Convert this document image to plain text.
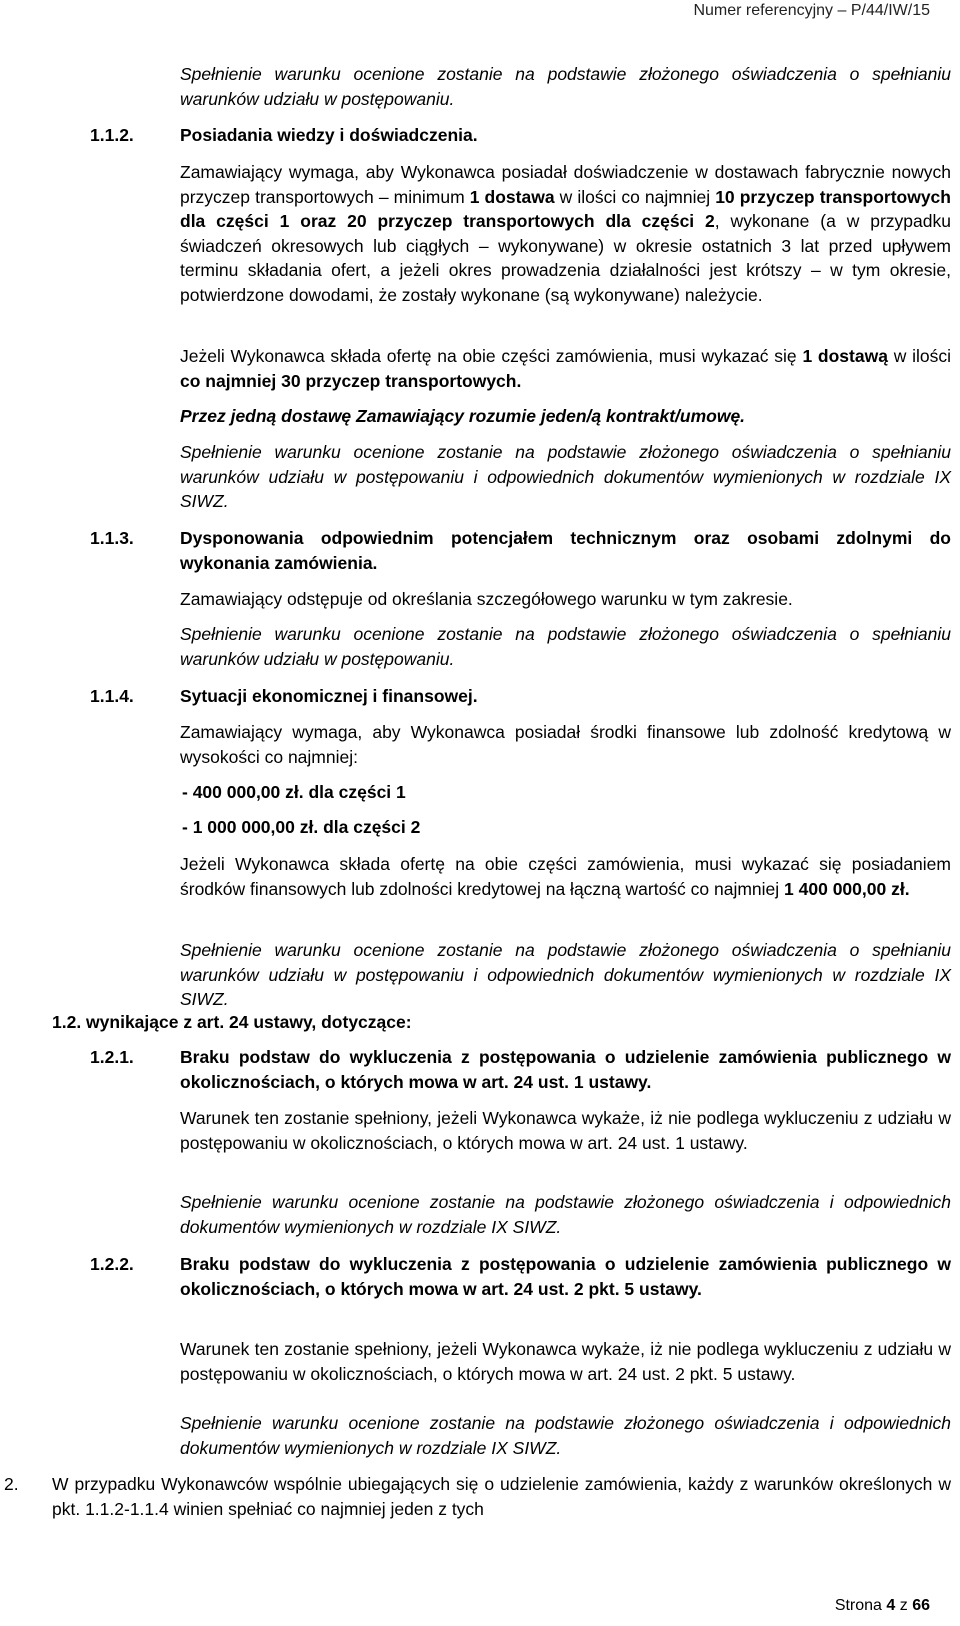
Numer referencyjny – P/44/IW/15
Spełnienie warunku ocenione zostanie na podstawie złożonego oświadczenia o spełnianiu warunków udziału w postępowaniu.
1.1.2.	Posiadania wiedzy i doświadczenia.
Zamawiający wymaga, aby Wykonawca posiadał doświadczenie w dostawach fabrycznie nowych przyczep transportowych – minimum 1 dostawa w ilości co najmniej 10 przyczep transportowych dla części 1 oraz 20 przyczep transportowych dla części 2, wykonane (a w przypadku świadczeń okresowych lub ciągłych – wykonywane) w okresie ostatnich 3 lat przed upływem terminu składania ofert, a jeżeli okres prowadzenia działalności jest krótszy – w tym okresie, potwierdzone dowodami, że zostały wykonane (są wykonywane) należycie.
Jeżeli Wykonawca składa ofertę na obie części zamówienia, musi wykazać się 1 dostawą w ilości co najmniej 30 przyczep transportowych.
Przez jedną dostawę Zamawiający rozumie jeden/ą kontrakt/umowę.
Spełnienie warunku ocenione zostanie na podstawie złożonego oświadczenia o spełnianiu warunków udziału w postępowaniu i odpowiednich dokumentów wymienionych w rozdziale IX SIWZ.
1.1.3.	Dysponowania odpowiednim potencjałem technicznym oraz osobami zdolnymi do wykonania zamówienia.
Zamawiający odstępuje od określania szczegółowego warunku w tym zakresie.
Spełnienie warunku ocenione zostanie na podstawie złożonego oświadczenia o spełnianiu warunków udziału w postępowaniu.
1.1.4.	Sytuacji ekonomicznej i finansowej.
Zamawiający wymaga, aby Wykonawca posiadał środki finansowe lub zdolność kredytową w wysokości co najmniej:
- 400 000,00 zł. dla części 1
- 1 000 000,00 zł. dla części 2
Jeżeli Wykonawca składa ofertę na obie części zamówienia, musi wykazać się posiadaniem środków finansowych lub zdolności kredytowej na łączną wartość co najmniej 1 400 000,00 zł.
Spełnienie warunku ocenione zostanie na podstawie złożonego oświadczenia o spełnianiu warunków udziału w postępowaniu i odpowiednich dokumentów wymienionych w rozdziale IX SIWZ.
1.2. wynikające z art. 24 ustawy, dotyczące:
1.2.1.	Braku podstaw do wykluczenia z postępowania o udzielenie zamówienia publicznego w okolicznościach, o których mowa w art. 24 ust. 1 ustawy.
Warunek ten zostanie spełniony, jeżeli Wykonawca wykaże, iż nie podlega wykluczeniu z udziału w postępowaniu w okolicznościach, o których mowa w art. 24 ust. 1 ustawy.
Spełnienie warunku ocenione zostanie na podstawie złożonego oświadczenia i odpowiednich dokumentów wymienionych w rozdziale IX SIWZ.
1.2.2.	Braku podstaw do wykluczenia z postępowania o udzielenie zamówienia publicznego w okolicznościach, o których mowa w art. 24 ust. 2 pkt. 5 ustawy.
Warunek ten zostanie spełniony, jeżeli Wykonawca wykaże, iż nie podlega wykluczeniu z udziału w postępowaniu w okolicznościach, o których mowa w art. 24 ust. 2 pkt. 5 ustawy.
Spełnienie warunku ocenione zostanie na podstawie złożonego oświadczenia i odpowiednich dokumentów wymienionych w rozdziale IX SIWZ.
2. W przypadku Wykonawców wspólnie ubiegających się o udzielenie zamówienia, każdy z warunków określonych w pkt. 1.1.2-1.1.4 winien spełniać co najmniej jeden z tych
Strona 4 z 66
